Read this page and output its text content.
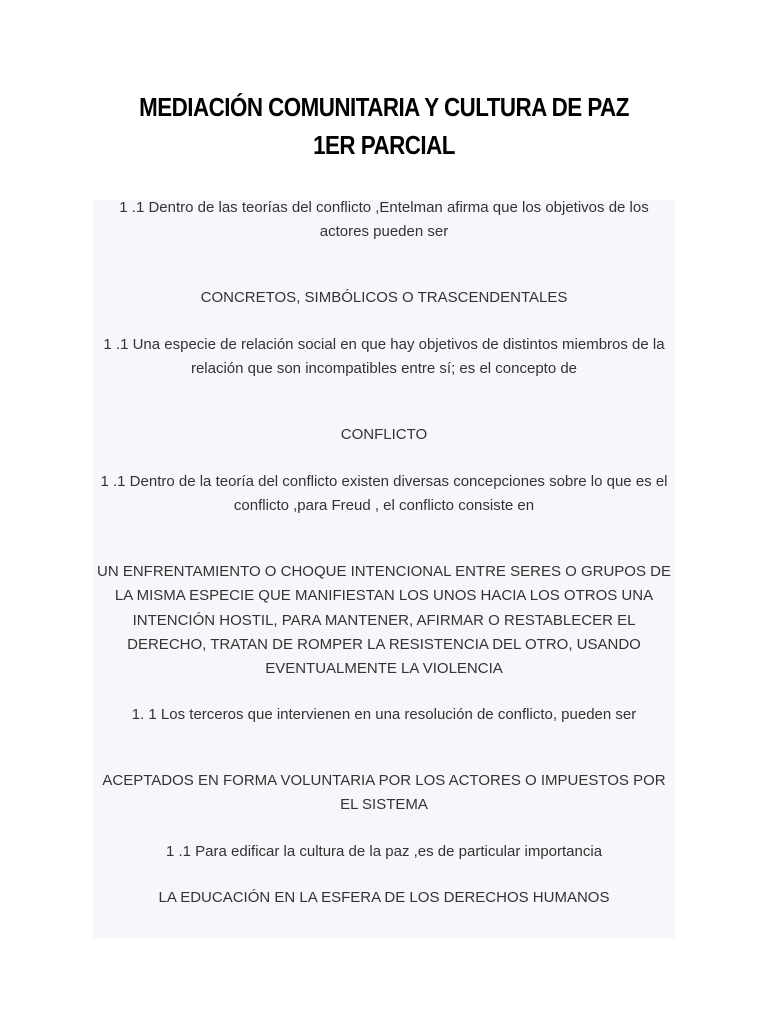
MEDIACIÓN COMUNITARIA Y CULTURA DE PAZ
1ER PARCIAL
1 .1 Dentro de las teorías del conflicto ,Entelman afirma que los objetivos de los actores pueden ser
CONCRETOS, SIMBÓLICOS O TRASCENDENTALES
1 .1 Una especie de relación social en que hay objetivos de distintos miembros de la relación que son incompatibles entre sí; es el concepto de
CONFLICTO
1 .1 Dentro de la teoría del conflicto existen diversas concepciones sobre lo que es el conflicto ,para Freud , el conflicto consiste en
UN ENFRENTAMIENTO O CHOQUE INTENCIONAL ENTRE SERES O GRUPOS DE LA MISMA ESPECIE QUE MANIFIESTAN LOS UNOS HACIA LOS OTROS UNA INTENCIÓN HOSTIL, PARA MANTENER, AFIRMAR O RESTABLECER EL DERECHO, TRATAN DE ROMPER LA RESISTENCIA DEL OTRO, USANDO EVENTUALMENTE LA VIOLENCIA
1. 1 Los terceros que intervienen en una resolución de conflicto, pueden ser
ACEPTADOS EN FORMA VOLUNTARIA POR LOS ACTORES O IMPUESTOS POR EL SISTEMA
1 .1 Para edificar la cultura de la paz ,es de particular importancia
LA EDUCACIÓN EN LA ESFERA DE LOS DERECHOS HUMANOS
